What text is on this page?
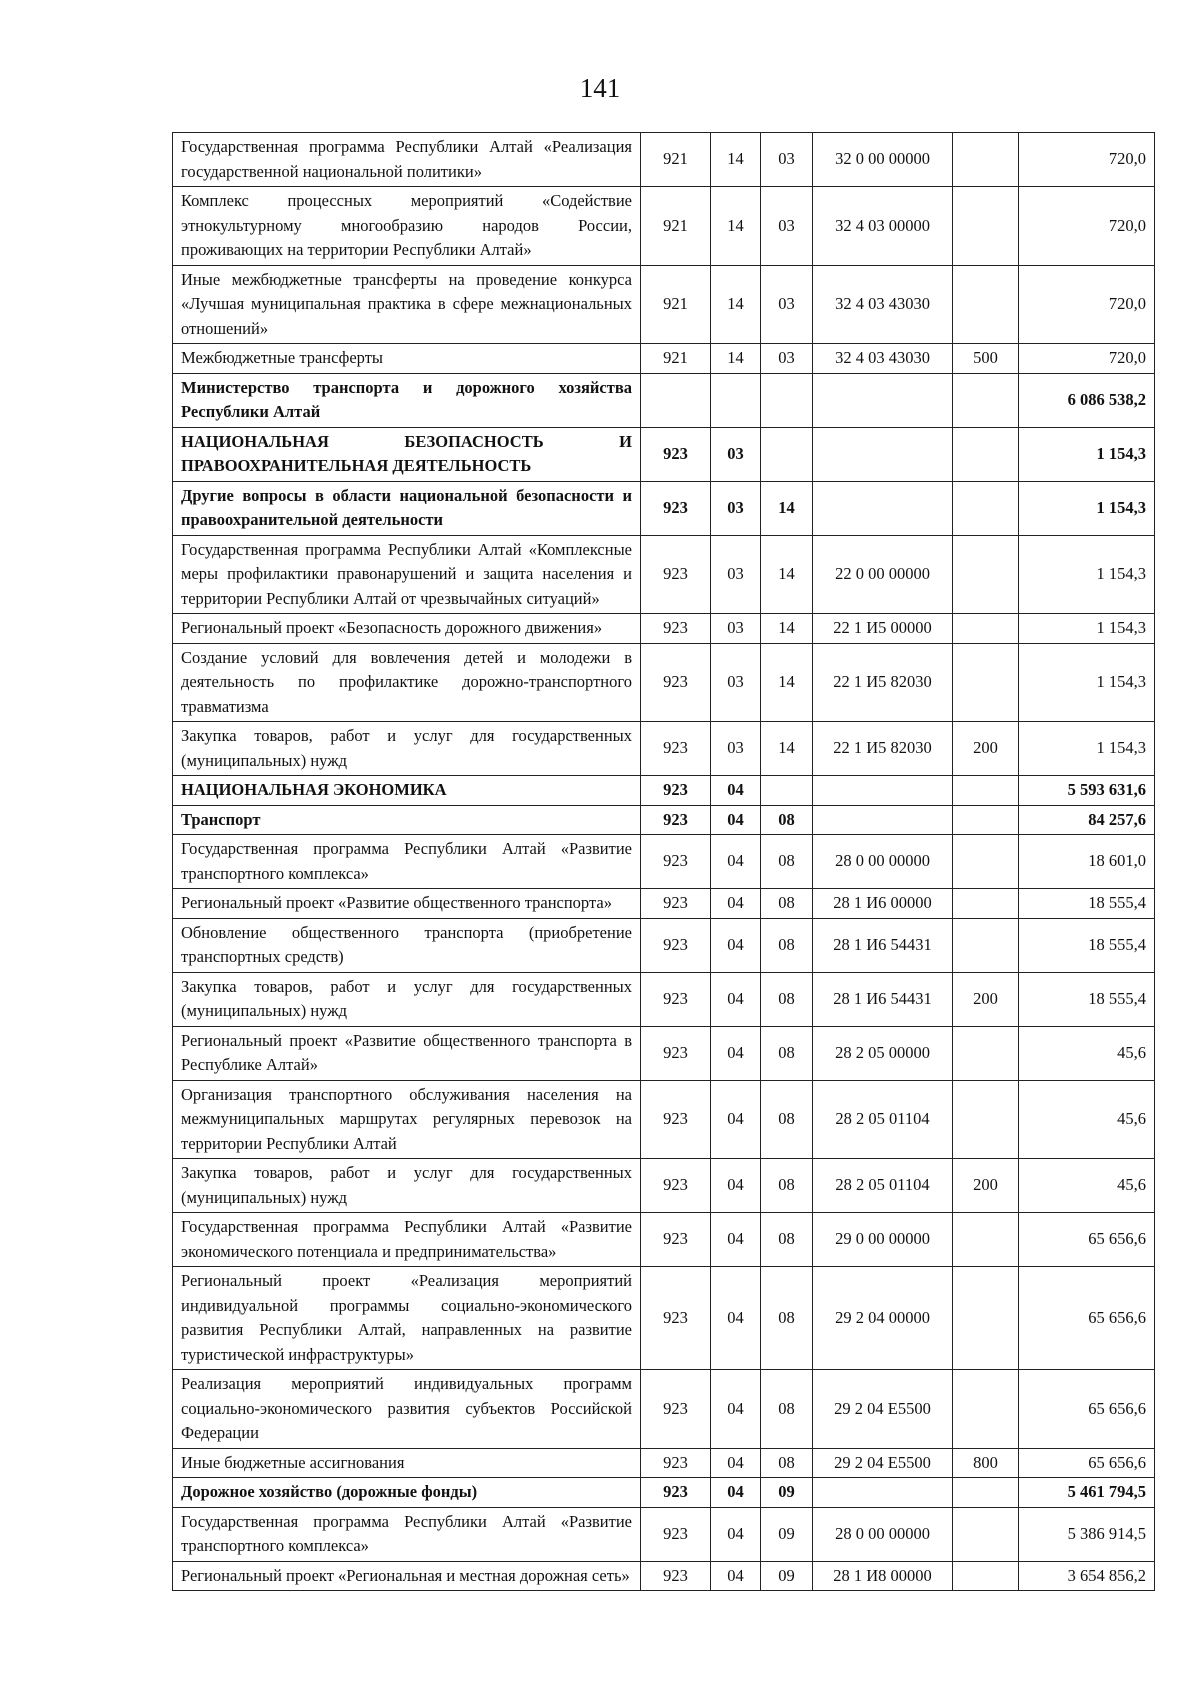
141
Государственная программа Республики Алтай «Реализация государственной национальной политики»	921	14	03	32 0 00 00000		720,0
Комплекс процессных мероприятий «Содействие этнокультурному многообразию народов России, проживающих на территории Республики Алтай»	921	14	03	32 4 03 00000		720,0
Иные межбюджетные трансферты на проведение конкурса «Лучшая муниципальная практика в сфере межнациональных отношений»	921	14	03	32 4 03 43030		720,0
Межбюджетные трансферты	921	14	03	32 4 03 43030	500	720,0
Министерство транспорта и дорожного хозяйства Республики Алтай						6 086 538,2
НАЦИОНАЛЬНАЯ БЕЗОПАСНОСТЬ И ПРАВООХРАНИТЕЛЬНАЯ ДЕЯТЕЛЬНОСТЬ	923	03				1 154,3
Другие вопросы в области национальной безопасности и правоохранительной деятельности	923	03	14			1 154,3
Государственная программа Республики Алтай «Комплексные меры профилактики правонарушений и защита населения и территории Республики Алтай от чрезвычайных ситуаций»	923	03	14	22 0 00 00000		1 154,3
Региональный проект «Безопасность дорожного движения»	923	03	14	22 1 И5 00000		1 154,3
Создание условий для вовлечения детей и молодежи в деятельность по профилактике дорожно-транспортного травматизма	923	03	14	22 1 И5 82030		1 154,3
Закупка товаров, работ и услуг для государственных (муниципальных) нужд	923	03	14	22 1 И5 82030	200	1 154,3
НАЦИОНАЛЬНАЯ ЭКОНОМИКА	923	04				5 593 631,6
Транспорт	923	04	08			84 257,6
Государственная программа Республики Алтай «Развитие транспортного комплекса»	923	04	08	28 0 00 00000		18 601,0
Региональный проект «Развитие общественного транспорта»	923	04	08	28 1 И6 00000		18 555,4
Обновление общественного транспорта (приобретение транспортных средств)	923	04	08	28 1 И6 54431		18 555,4
Закупка товаров, работ и услуг для государственных (муниципальных) нужд	923	04	08	28 1 И6 54431	200	18 555,4
Региональный проект «Развитие общественного транспорта в Республике Алтай»	923	04	08	28 2 05 00000		45,6
Организация транспортного обслуживания населения на межмуниципальных маршрутах регулярных перевозок на территории Республики Алтай	923	04	08	28 2 05 01104		45,6
Закупка товаров, работ и услуг для государственных (муниципальных) нужд	923	04	08	28 2 05 01104	200	45,6
Государственная программа Республики Алтай «Развитие экономического потенциала и предпринимательства»	923	04	08	29 0 00 00000		65 656,6
Региональный проект «Реализация мероприятий индивидуальной программы социально-экономического развития Республики Алтай, направленных на развитие туристической инфраструктуры»	923	04	08	29 2 04 00000		65 656,6
Реализация мероприятий индивидуальных программ социально-экономического развития субъектов Российской Федерации	923	04	08	29 2 04 E5500		65 656,6
Иные бюджетные ассигнования	923	04	08	29 2 04 E5500	800	65 656,6
Дорожное хозяйство (дорожные фонды)	923	04	09			5 461 794,5
Государственная программа Республики Алтай «Развитие транспортного комплекса»	923	04	09	28 0 00 00000		5 386 914,5
Региональный проект «Региональная и местная дорожная сеть»	923	04	09	28 1 И8 00000		3 654 856,2
